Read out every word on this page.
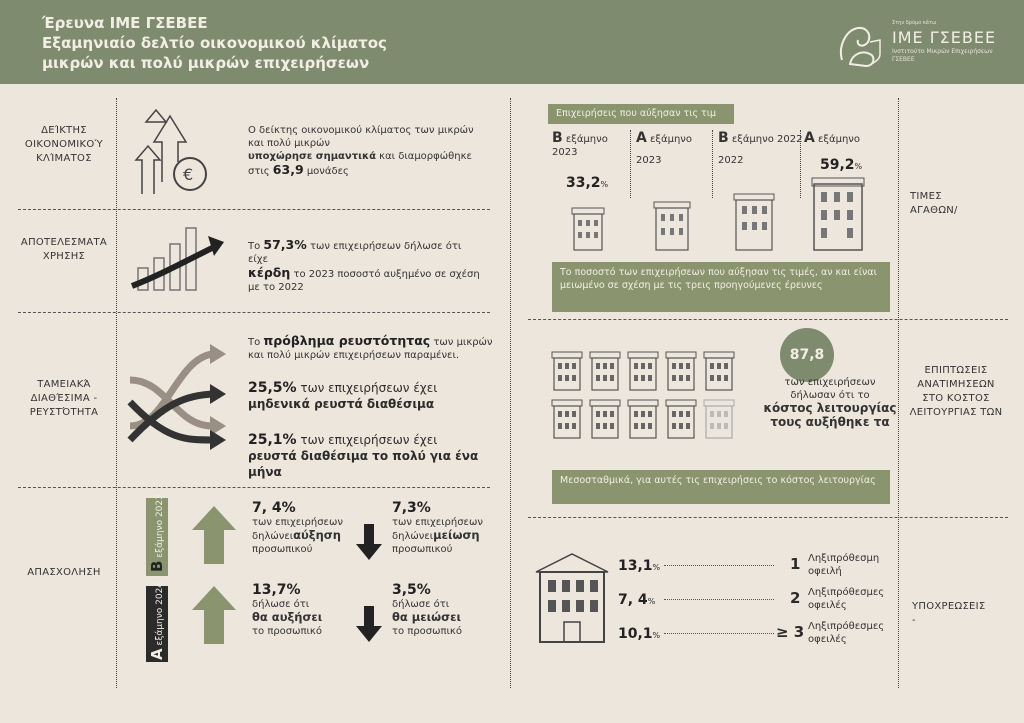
Έρευνα ΙΜΕ ΓΣΕΒΕΕ
Εξαμηνιαίο δελτίο οικονομικού κλίματος
μικρών και πολύ μικρών επιχειρήσεων
Στην δρόμο κάτω
ΙΜΕ ΓΣΕΒΕΕ
Ινστιτούτο Μικρών Επιχειρήσεων ΓΣΕΒΕΕ
ΔΕΊΚΤΗΣ ΟΙΚΟΝΟΜΙΚΟΎ ΚΛΊΜΑΤΟΣ
€
Ο δείκτης οικονομικού κλίματος των μικρών και πολύ μικρών
υποχώρησε σημαντικά και διαμορφώθηκε στις 63,9 μονάδες
ΑΠΟΤΕΛΕΣΜΑΤΑ ΧΡΗΣΗΣ
Το 57,3% των επιχειρήσεων δήλωσε ότι είχε
κέρδη το 2023 ποσοστό αυξημένο σε σχέση με το 2022
ΤΑΜΕΙΑΚΆ ΔΙΑΘΈΣΙΜΑ - ΡΕΥΣΤΌΤΗΤΑ
Το πρόβλημα ρευστότητας των μικρών και πολύ μικρών επιχειρήσεων παραμένει.
25,5% των επιχειρήσεων έχει μηδενικά ρευστά διαθέσιμα
25,1% των επιχειρήσεων έχει ρευστά διαθέσιμα το πολύ για ένα μήνα
ΑΠΑΣΧΟΛΗΣΗ
B εξάμηνο 2023
A εξάμηνο 2024
7, 4%
των επιχειρήσεων
δηλώνειαύξηση
προσωπικού
7,3%
των επιχειρήσεων
δηλώνειμείωση
προσωπικού
13,7%
δήλωσε ότι
θα αυξήσει
το προσωπικό
3,5%
δήλωσε ότι
θα μειώσει
το προσωπικό
Επιχειρήσεις που αύξησαν τις τιμ
Β εξάμηνο
2023
33,2%
Α εξάμηνο
2023
Β εξάμηνο 2022
2022
Α εξάμηνο
59,2%
Το ποσοστό των επιχειρήσεων που αύξησαν τις τιμές, αν και είναι
μειωμένο σε σχέση με τις τρεις προηγούμενες έρευνες
ΤΙΜΕΣ ΑΓΑΘΩΝ/
87,8
των επιχειρήσεων
δήλωσαν ότι το
κόστος λειτουργίας
τους αυξήθηκε τα
Μεσοσταθμικά, για αυτές τις επιχειρήσεις το κόστος λειτουργίας
ΕΠΙΠΤΩΣΕΙΣ ΑΝΑΤΙΜΗΣΕΩΝ ΣΤΟ ΚΟΣΤΟΣ ΛΕΙΤΟΥΡΓΙΑΣ ΤΩΝ
13,1%	1 Ληξιπρόθεσμη οφειλή
7, 4%	2 Ληξιπρόθεσμες οφειλές
10,1%	≥ 3 Ληξιπρόθεσμες οφειλές
ΥΠΟΧΡΕΩΣΕΙΣ
-
